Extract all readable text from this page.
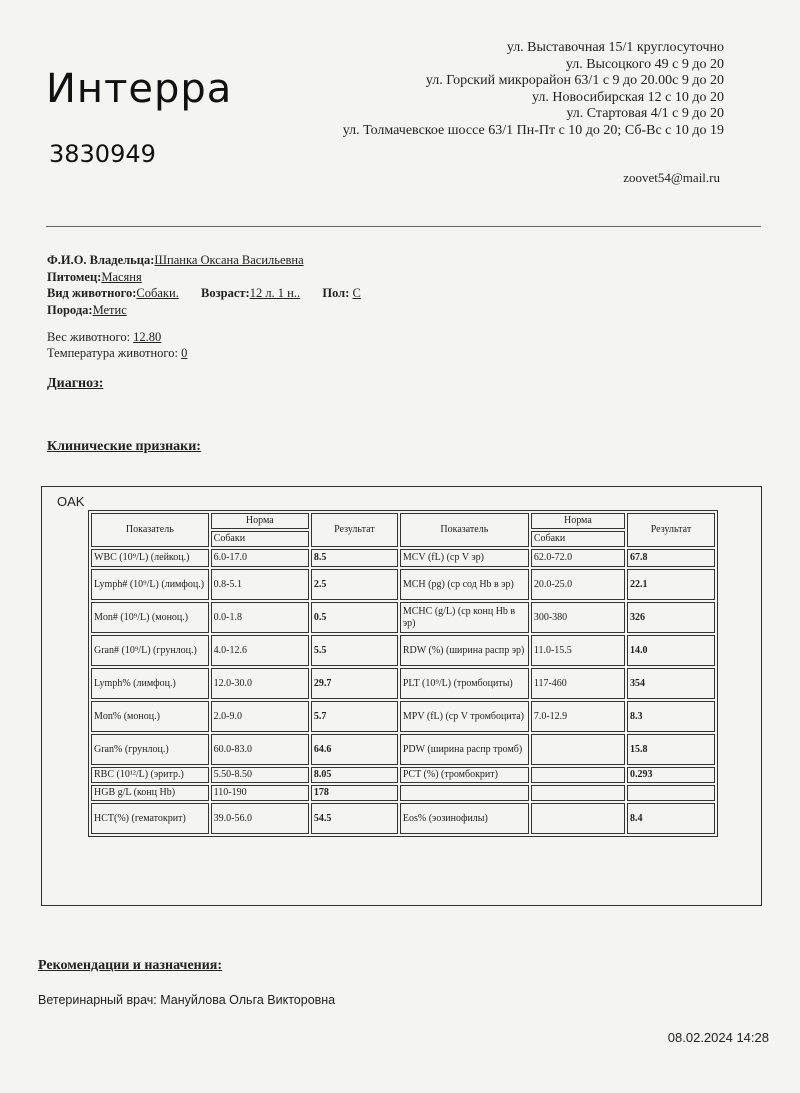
Интерра
3830949
ул. Выставочная 15/1 круглосуточно
ул. Высоцкого 49 с 9 до 20
ул. Горский микрорайон 63/1 с 9 до 20.00с 9 до 20
ул. Новосибирская 12 с 10 до 20
ул. Стартовая 4/1 с 9 до 20
ул. Толмачевское шоссе 63/1 Пн-Пт с 10 до 20; Сб-Вс с 10 до 19
zoovet54@mail.ru
Ф.И.О. Владельца:Шпанка Оксана Васильевна
Питомец:Масяня
Вид животного:Собаки. Возраст:12 л. 1 н.. Пол: С
Порода:Метис
Вес животного: 12.80
Температура животного: 0
Диагноз:
Клинические признаки:
OAK
Показатель	Норма	Результат	Показатель	Норма	Результат
	Собаки			Собаки	
WBC (10⁹/L) (лейкоц.)	6.0-17.0	8.5	MCV (fL) (ср V эр)	62.0-72.0	67.8
Lymph# (10⁹/L) (лимфоц.)	0.8-5.1	2.5	MCH (pg) (ср сод Hb в эр)	20.0-25.0	22.1
Mon# (10⁹/L) (моноц.)	0.0-1.8	0.5	MCHC (g/L) (ср конц Hb в эр)	300-380	326
Gran# (10⁹/L) (грунлоц.)	4.0-12.6	5.5	RDW (%) (ширина распр эр)	11.0-15.5	14.0
Lymph% (лимфоц.)	12.0-30.0	29.7	PLT (10⁹/L) (тромбоциты)	117-460	354
Mon% (моноц.)	2.0-9.0	5.7	MPV (fL) (ср V тромбоцита)	7.0-12.9	8.3
Gran% (грунлоц.)	60.0-83.0	64.6	PDW (ширина распр тромб)		15.8
RBC (10¹²/L) (эритр.)	5.50-8.50	8.05	PCT (%) (тромбокрит)		0.293
HGB g/L (конц Hb)	110-190	178			
HCT(%) (гематокрит)	39.0-56.0	54.5	Eos% (эозинофилы)		8.4
Рекомендации и назначения:
Ветеринарный врач: Мануйлова Ольга Викторовна
08.02.2024 14:28
